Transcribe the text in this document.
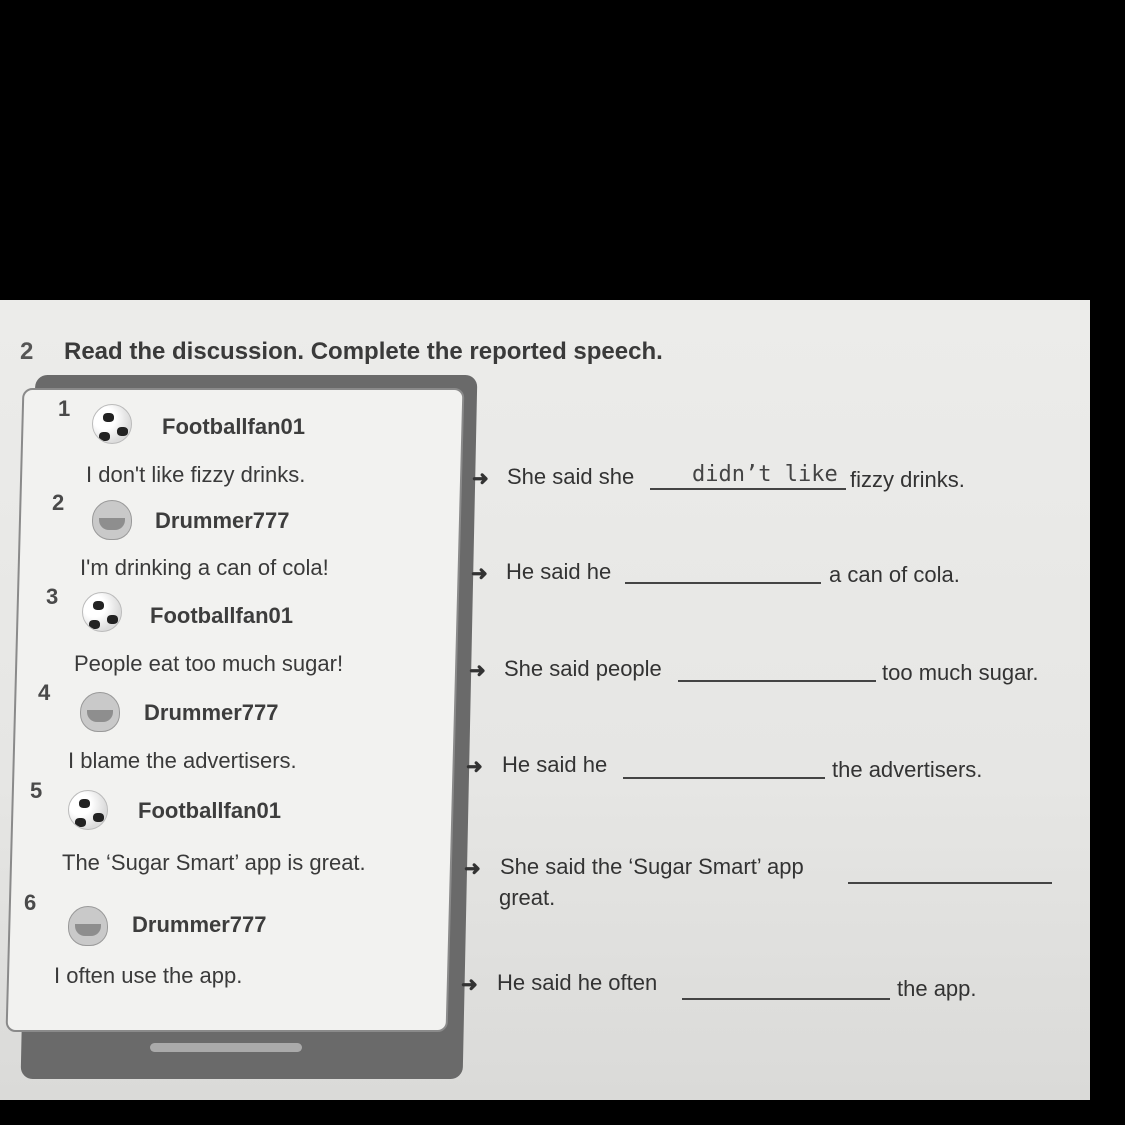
2 Read the discussion. Complete the reported speech.
1
Footballfan01
I don't like fizzy drinks.
2
Drummer777
I'm drinking a can of cola!
3
Footballfan01
People eat too much sugar!
4
Drummer777
I blame the advertisers.
5
Footballfan01
The ‘Sugar Smart’ app is great.
6
Drummer777
I often use the app.
➜ She said she	didn’t like fizzy drinks.
➜ He said he	a can of cola.
➜ She said people	too much sugar.
➜ He said he	the advertisers.
➜ She said the ‘Sugar Smart’ app
great.
➜ He said he often	the app.
